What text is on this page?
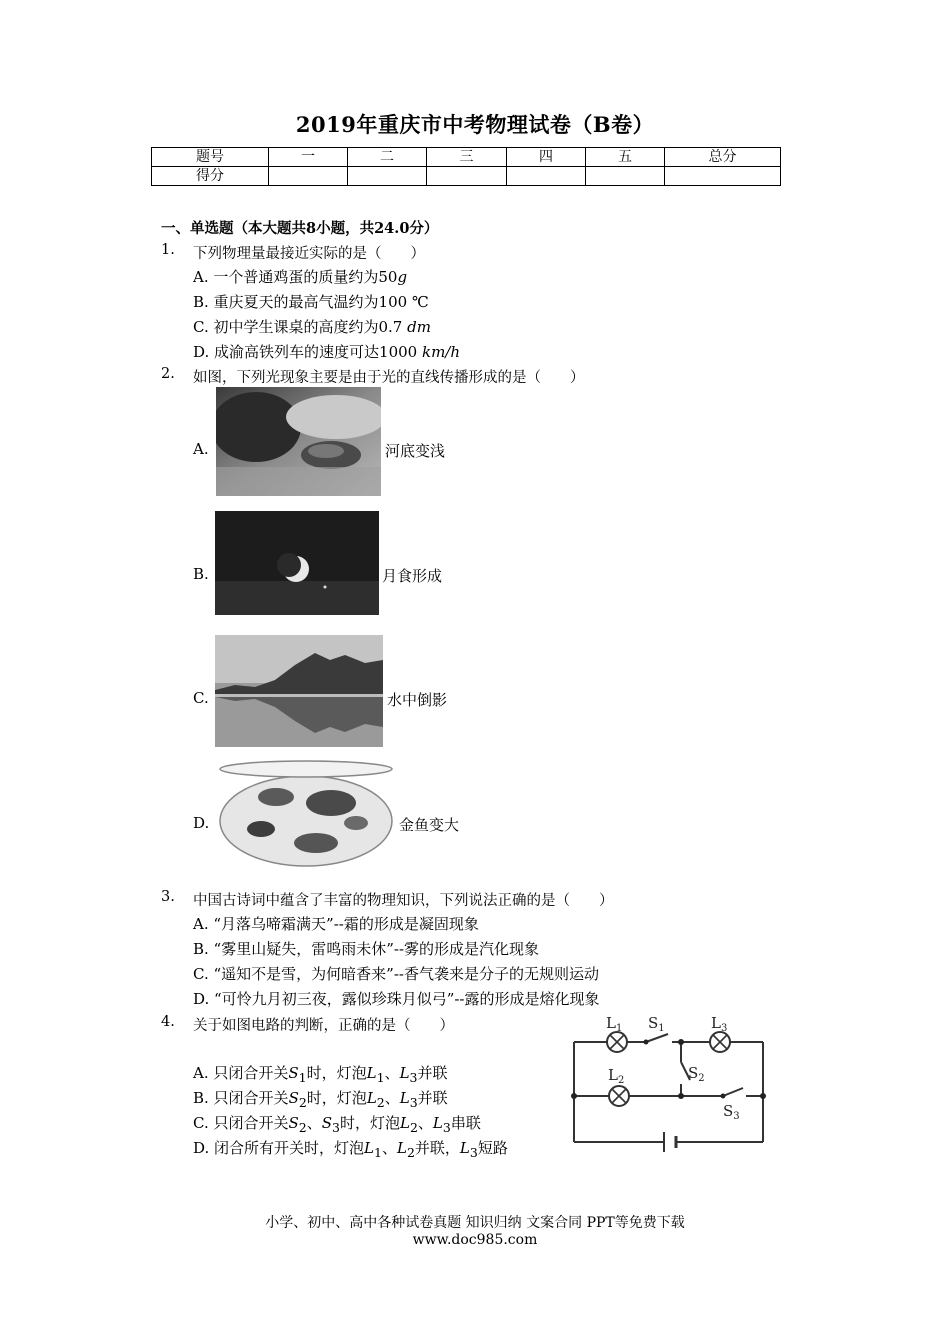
2019年重庆市中考物理试卷（B卷）
题号	一	二	三	四	五	总分
得分						
一、单选题（本大题共8小题，共24.0分）
1. 下列物理量最接近实际的是（　　）
A. 一个普通鸡蛋的质量约为50g
B. 重庆夏天的最高气温约为100 ℃
C. 初中学生课桌的高度约为0.7 dm
D. 成渝高铁列车的速度可达1000 km/h
2. 如图，下列光现象主要是由于光的直线传播形成的是（　　）
A.	河底变浅
B.	月食形成
C.	水中倒影
D.	金鱼变大
3. 中国古诗词中蕴含了丰富的物理知识，下列说法正确的是（　　）
A. “月落乌啼霜满天”--霜的形成是凝固现象
B. “雾里山疑失，雷鸣雨未休”--雾的形成是汽化现象
C. “遥知不是雪，为何暗香来”--香气袭来是分子的无规则运动
D. “可怜九月初三夜，露似珍珠月似弓”--露的形成是熔化现象
4. 关于如图电路的判断，正确的是（　　）
A. 只闭合开关$S_1$时，灯泡$L_1$、$L_3$并联
B. 只闭合开关$S_2$时，灯泡$L_2$、$L_3$并联
C. 只闭合开关$S_2$、$S_3$时，灯泡$L_2$、$L_3$串联
D. 闭合所有开关时，灯泡$L_1$、$L_2$并联，$L_3$短路
$L_1$ $S_1$	$L_3$
$L_2$	$S_2$
$S_3$
小学、初中、高中各种试卷真题 知识归纳 文案合同 PPT等免费下载
www.doc985.com
